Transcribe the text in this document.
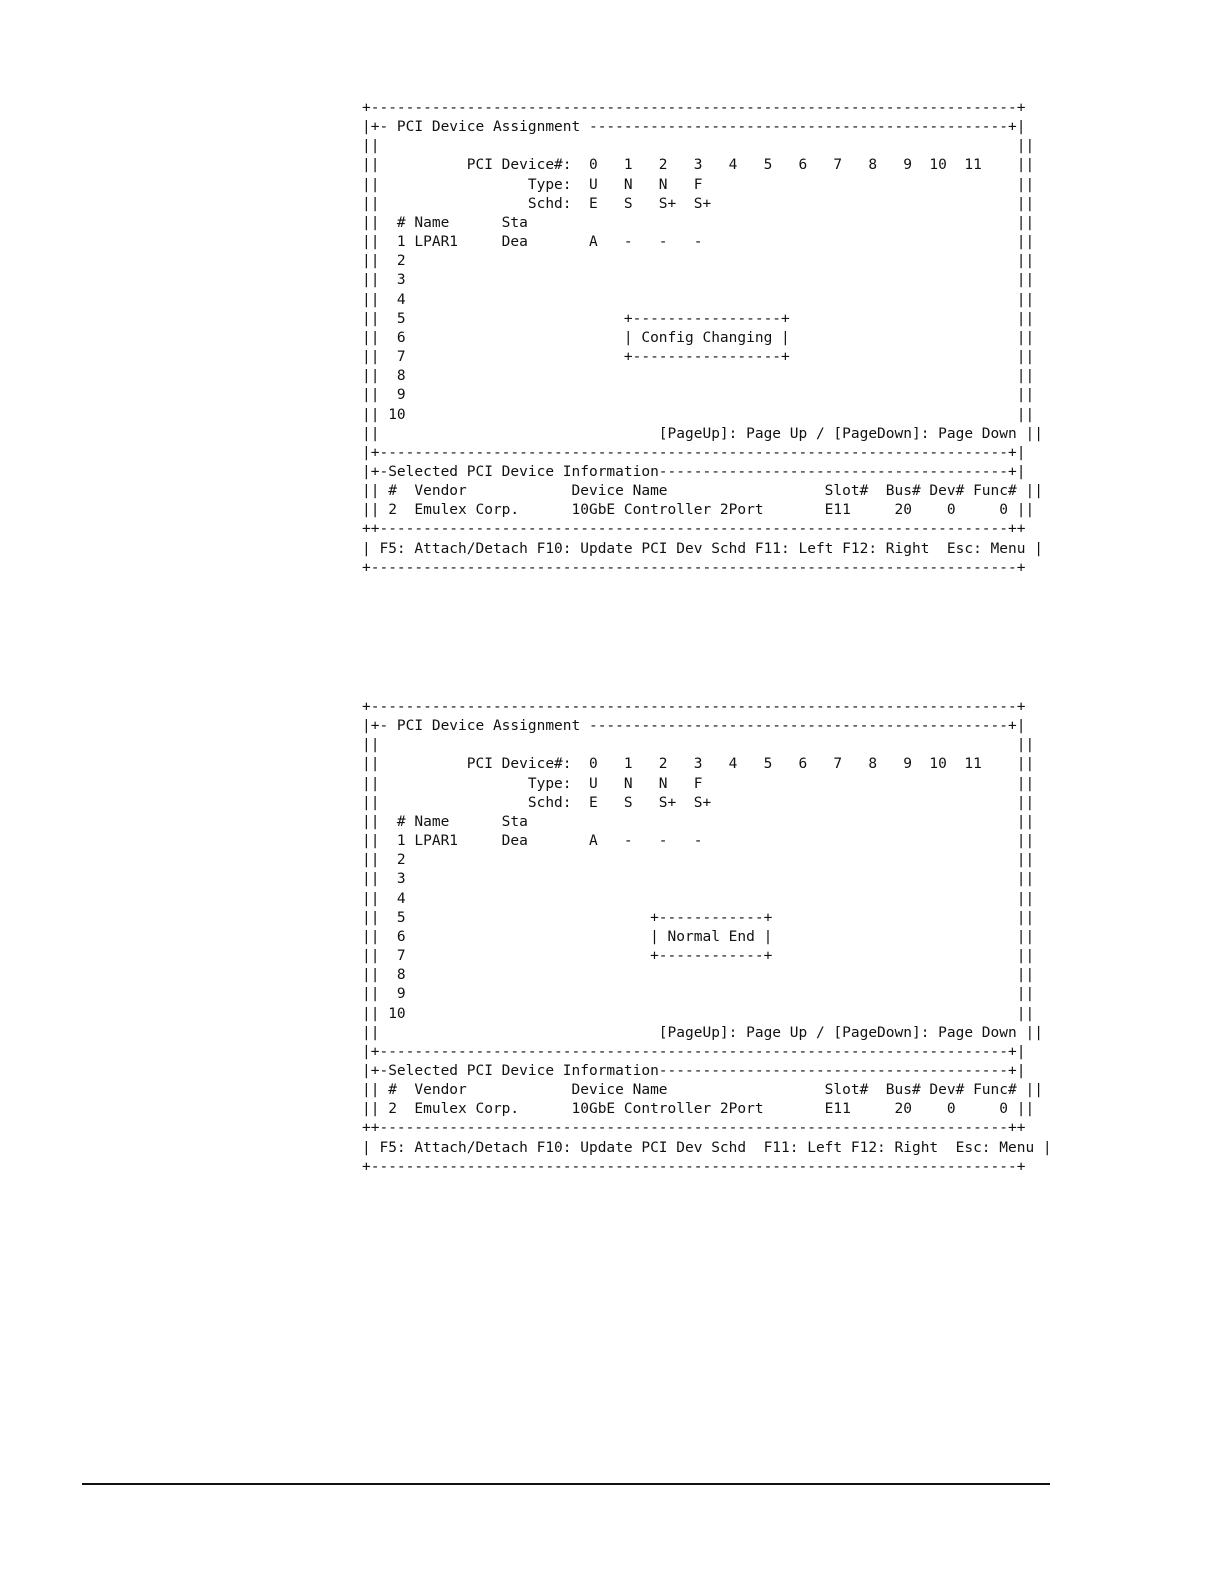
+--------------------------------------------------------------------------+
|+- PCI Device Assignment ------------------------------------------------+|
||                                                                         ||
||          PCI Device#:  0   1   2   3   4   5   6   7   8   9  10  11    ||
||                 Type:  U   N   N   F                                    ||
||                 Schd:  E   S   S+  S+                                   ||
||  # Name      Sta                                                        ||
||  1 LPAR1     Dea       A   -   -   -                                    ||
||  2                                                                      ||
||  3                                                                      ||
||  4                                                                      ||
||  5                         +-----------------+                          ||
||  6                         | Config Changing |                          ||
||  7                         +-----------------+                          ||
||  8                                                                      ||
||  9                                                                      ||
|| 10                                                                      ||
||                                [PageUp]: Page Up / [PageDown]: Page Down ||
|+------------------------------------------------------------------------+|
|+-Selected PCI Device Information----------------------------------------+|
|| #  Vendor            Device Name                  Slot#  Bus# Dev# Func# ||
|| 2  Emulex Corp.      10GbE Controller 2Port       E11     20    0     0 ||
++------------------------------------------------------------------------++
| F5: Attach/Detach F10: Update PCI Dev Schd F11: Left F12: Right  Esc: Menu |
+--------------------------------------------------------------------------+
+--------------------------------------------------------------------------+
|+- PCI Device Assignment ------------------------------------------------+|
||                                                                         ||
||          PCI Device#:  0   1   2   3   4   5   6   7   8   9  10  11    ||
||                 Type:  U   N   N   F                                    ||
||                 Schd:  E   S   S+  S+                                   ||
||  # Name      Sta                                                        ||
||  1 LPAR1     Dea       A   -   -   -                                    ||
||  2                                                                      ||
||  3                                                                      ||
||  4                                                                      ||
||  5                            +------------+                            ||
||  6                            | Normal End |                            ||
||  7                            +------------+                            ||
||  8                                                                      ||
||  9                                                                      ||
|| 10                                                                      ||
||                                [PageUp]: Page Up / [PageDown]: Page Down ||
|+------------------------------------------------------------------------+|
|+-Selected PCI Device Information----------------------------------------+|
|| #  Vendor            Device Name                  Slot#  Bus# Dev# Func# ||
|| 2  Emulex Corp.      10GbE Controller 2Port       E11     20    0     0 ||
++------------------------------------------------------------------------++
| F5: Attach/Detach F10: Update PCI Dev Schd  F11: Left F12: Right  Esc: Menu |
+--------------------------------------------------------------------------+
